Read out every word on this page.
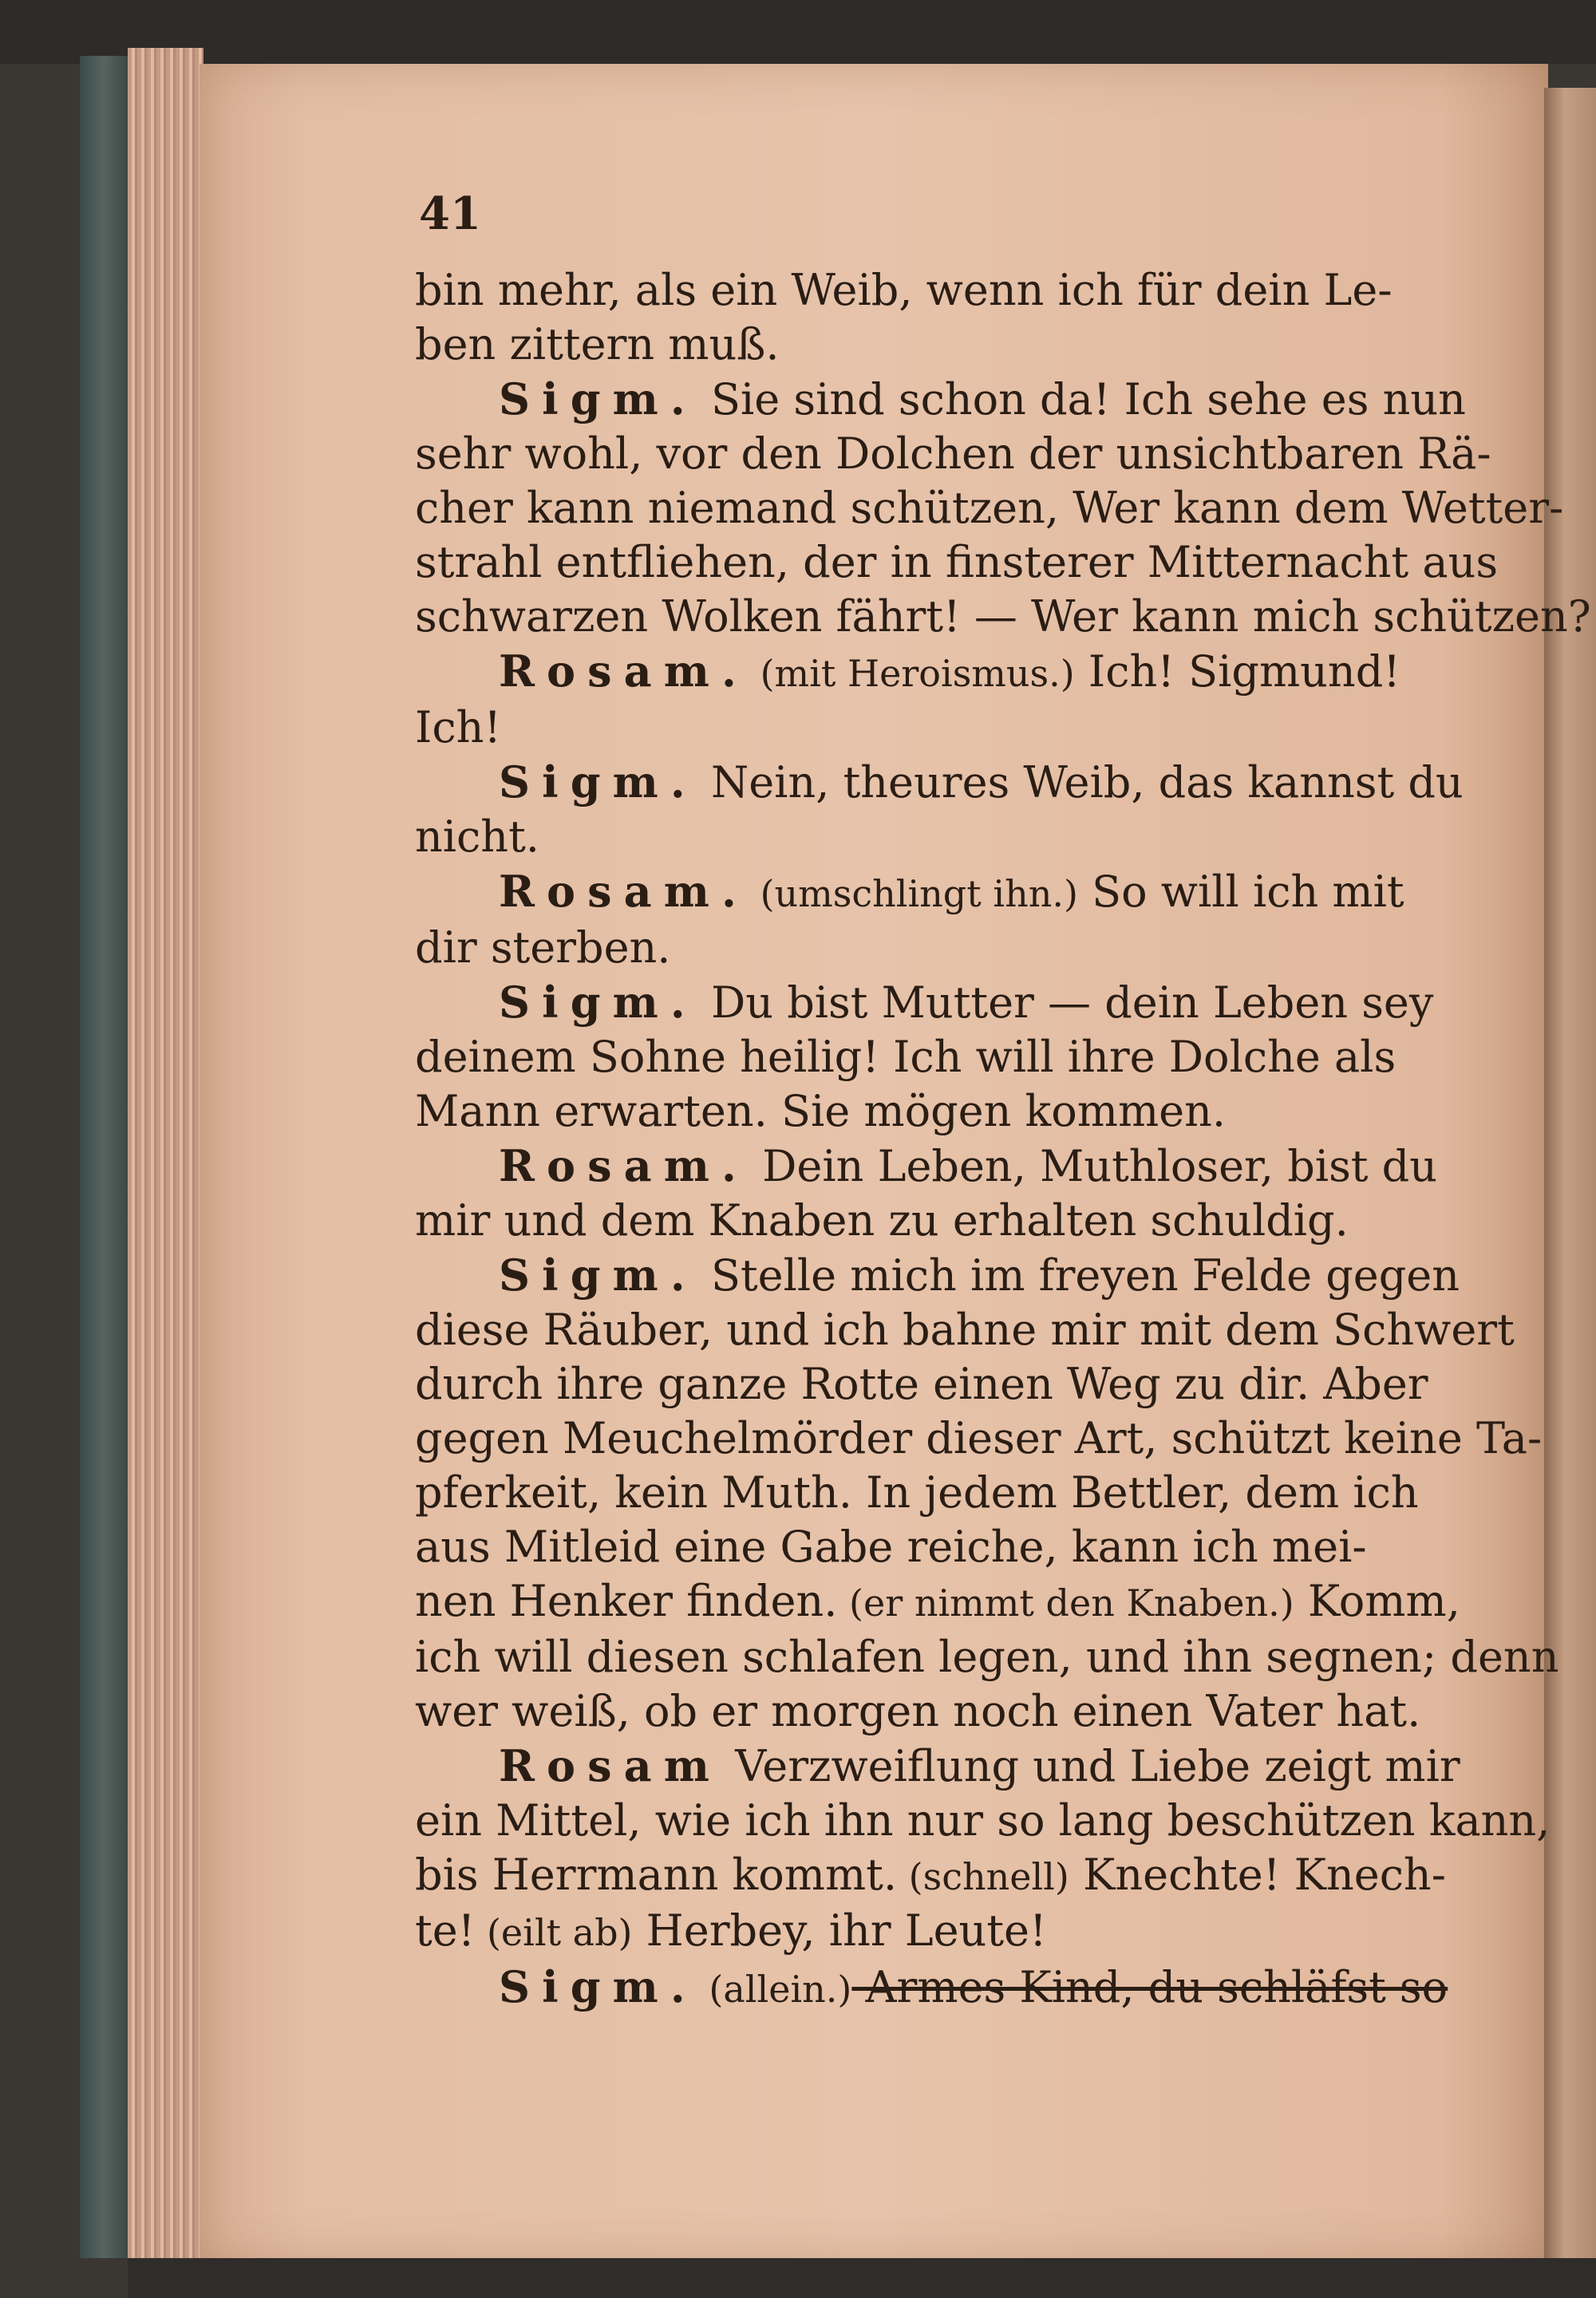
41
bin mehr, als ein Weib, wenn ich für dein Le-
ben zittern muß.
Sigm. Sie sind schon da! Ich sehe es nun
sehr wohl, vor den Dolchen der unsichtbaren Rä-
cher kann niemand schützen, Wer kann dem Wetter-
strahl entfliehen, der in finsterer Mitternacht aus
schwarzen Wolken fährt! — Wer kann mich schützen?
Rosam. (mit Heroismus.) Ich! Sigmund!
Ich!
Sigm. Nein, theures Weib, das kannst du
nicht.
Rosam. (umschlingt ihn.) So will ich mit
dir sterben.
Sigm. Du bist Mutter — dein Leben sey
deinem Sohne heilig! Ich will ihre Dolche als
Mann erwarten. Sie mögen kommen.
Rosam. Dein Leben, Muthloser, bist du
mir und dem Knaben zu erhalten schuldig.
Sigm. Stelle mich im freyen Felde gegen
diese Räuber, und ich bahne mir mit dem Schwert
durch ihre ganze Rotte einen Weg zu dir. Aber
gegen Meuchelmörder dieser Art, schützt keine Ta-
pferkeit, kein Muth. In jedem Bettler, dem ich
aus Mitleid eine Gabe reiche, kann ich mei-
nen Henker finden. (er nimmt den Knaben.) Komm,
ich will diesen schlafen legen, und ihn segnen; denn
wer weiß, ob er morgen noch einen Vater hat.
Rosam Verzweiflung und Liebe zeigt mir
ein Mittel, wie ich ihn nur so lang beschützen kann,
bis Herrmann kommt. (schnell) Knechte! Knech-
te! (eilt ab) Herbey, ihr Leute!
Sigm. (allein.) Armes Kind, du schläfst so
